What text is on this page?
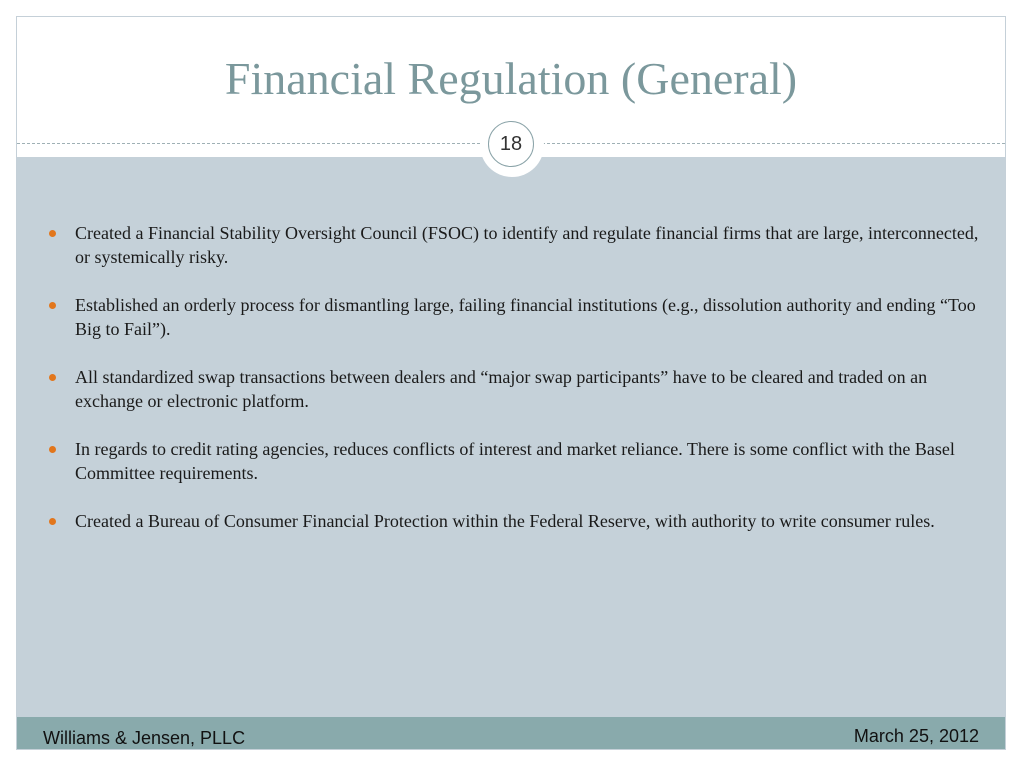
Financial Regulation (General)
18
Created a Financial Stability Oversight Council (FSOC) to identify and regulate financial firms that are large, interconnected, or systemically risky.
Established an orderly process for dismantling large, failing financial institutions (e.g., dissolution authority and ending “Too Big to Fail”).
All standardized swap transactions between dealers and “major swap participants” have to be cleared and traded on an exchange or electronic platform.
In regards to credit rating agencies, reduces conflicts of interest and market reliance. There is some conflict with the Basel Committee requirements.
Created a Bureau of Consumer Financial Protection within the Federal Reserve, with authority to write consumer rules.
Williams & Jensen, PLLC	March 25, 2012
